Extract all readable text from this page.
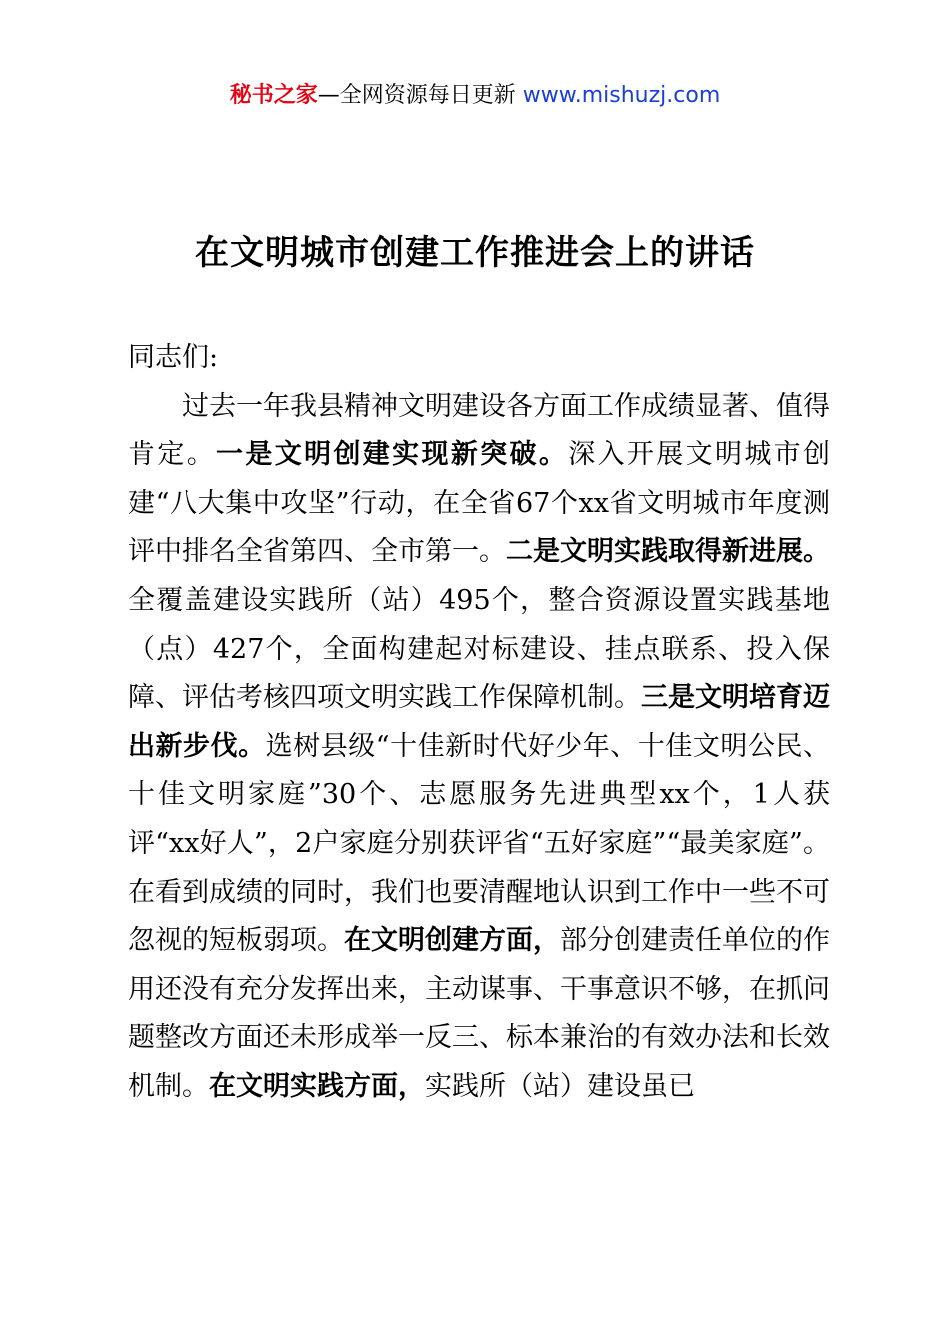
秘书之家—全网资源每日更新 www.mishuzj.com
在文明城市创建工作推进会上的讲话

同志们:

过去一年我县精神文明建设各方面工作成绩显著、值得肯定。一是文明创建实现新突破。深入开展文明城市创建“八大集中攻坚”行动，在全省67个xx省文明城市年度测评中排名全省第四、全市第一。二是文明实践取得新进展。全覆盖建设实践所（站）495个，整合资源设置实践基地（点）427个，全面构建起对标建设、挂点联系、投入保障、评估考核四项文明实践工作保障机制。三是文明培育迈出新步伐。选树县级“十佳新时代好少年、十佳文明公民、十佳文明家庭”30个、志愿服务先进典型xx个，1人获评“xx好人”，2户家庭分别获评省“五好家庭”“最美家庭”。在看到成绩的同时，我们也要清醒地认识到工作中一些不可忽视的短板弱项。在文明创建方面，部分创建责任单位的作用还没有充分发挥出来，主动谋事、干事意识不够，在抓问题整改方面还未形成举一反三、标本兼治的有效办法和长效机制。在文明实践方面，实践所（站）建设虽已
